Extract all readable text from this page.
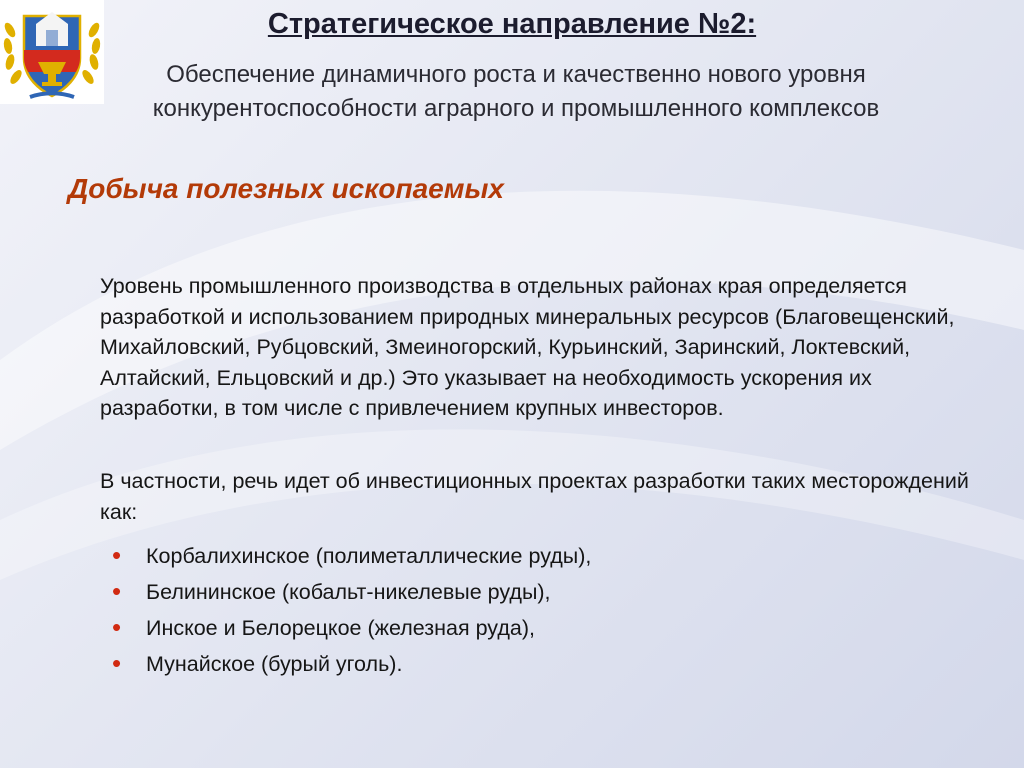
Стратегическое направление №2:

Обеспечение динамичного роста и качественно нового уровня конкурентоспособности аграрного и промышленного комплексов

Добыча полезных ископаемых

Уровень промышленного производства в отдельных районах края определяется разработкой и использованием природных минеральных ресурсов (Благовещенский, Михайловский, Рубцовский, Змеиногорский, Курьинский, Заринский, Локтевский, Алтайский, Ельцовский и др.) Это указывает на необходимость ускорения их разработки, в том числе с привлечением крупных инвесторов.

В частности, речь идет об инвестиционных проектах разработки таких месторождений как:

•	Корбалихинское (полиметаллические руды),
•	Белининское (кобальт-никелевые руды),
•	Инское и Белорецкое (железная руда),
•	Мунайское (бурый уголь).
